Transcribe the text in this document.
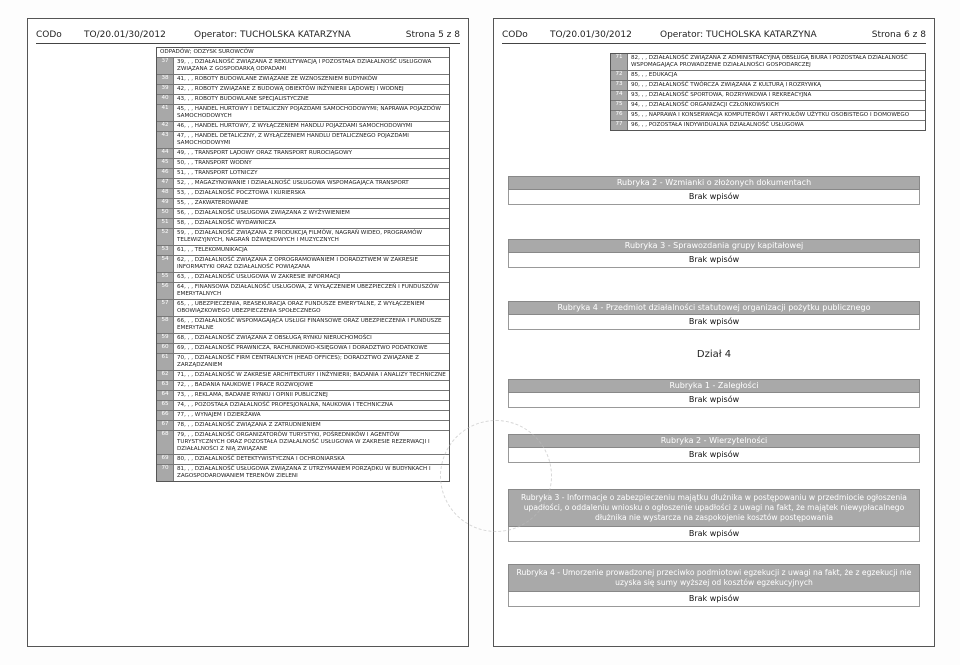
CODo	TO/20.01/30/2012	Operator: TUCHOLSKA KATARZYNA	Strona 5 z 8
ODPADÓW; ODZYSK SUROWCÓW
37	39, , , DZIAŁALNOŚĆ ZWIĄZANA Z REKULTYWACJĄ I POZOSTAŁA DZIAŁALNOŚĆ USŁUGOWA ZWIĄZANA Z GOSPODARKĄ ODPADAMI
38	41, , , ROBOTY BUDOWLANE ZWIĄZANE ZE WZNOSZENIEM BUDYNKÓW
39	42, , , ROBOTY ZWIĄZANE Z BUDOWĄ OBIEKTÓW INŻYNIERII LĄDOWEJ I WODNEJ
40	43, , , ROBOTY BUDOWLANE SPECJALISTYCZNE
41	45, , , HANDEL HURTOWY I DETALICZNY POJAZDAMI SAMOCHODOWYMI; NAPRAWA POJAZDÓW SAMOCHODOWYCH
42	46, , , HANDEL HURTOWY, Z WYŁĄCZENIEM HANDLU POJAZDAMI SAMOCHODOWYMI
43	47, , , HANDEL DETALICZNY, Z WYŁĄCZENIEM HANDLU DETALICZNEGO POJAZDAMI SAMOCHODOWYMI
44	49, , , TRANSPORT LĄDOWY ORAZ TRANSPORT RUROCIĄGOWY
45	50, , , TRANSPORT WODNY
46	51, , , TRANSPORT LOTNICZY
47	52, , , MAGAZYNOWANIE I DZIAŁALNOŚĆ USŁUGOWA WSPOMAGAJĄCA TRANSPORT
48	53, , , DZIAŁALNOŚĆ POCZTOWA I KURIERSKA
49	55, , , ZAKWATEROWANIE
50	56, , , DZIAŁALNOŚĆ USŁUGOWA ZWIĄZANA Z WYŻYWIENIEM
51	58, , , DZIAŁALNOŚĆ WYDAWNICZA
52	59, , , DZIAŁALNOŚĆ ZWIĄZANA Z PRODUKCJĄ FILMÓW, NAGRAŃ WIDEO, PROGRAMÓW TELEWIZYJNYCH, NAGRAŃ DŹWIĘKOWYCH I MUZYCZNYCH
53	61, , , TELEKOMUNIKACJA
54	62, , , DZIAŁALNOŚĆ ZWIĄZANA Z OPROGRAMOWANIEM I DORADZTWEM W ZAKRESIE INFORMATYKI ORAZ DZIAŁALNOŚĆ POWIĄZANA
55	63, , , DZIAŁALNOŚĆ USŁUGOWA W ZAKRESIE INFORMACJI
56	64, , , FINANSOWA DZIAŁALNOŚĆ USŁUGOWA, Z WYŁĄCZENIEM UBEZPIECZEŃ I FUNDUSZÓW EMERYTALNYCH
57	65, , , UBEZPIECZENIA, REASEKURACJA ORAZ FUNDUSZE EMERYTALNE, Z WYŁĄCZENIEM OBOWIĄZKOWEGO UBEZPIECZENIA SPOŁECZNEGO
58	66, , , DZIAŁALNOŚĆ WSPOMAGAJĄCA USŁUGI FINANSOWE ORAZ UBEZPIECZENIA I FUNDUSZE EMERYTALNE
59	68, , , DZIAŁALNOŚĆ ZWIĄZANA Z OBSŁUGĄ RYNKU NIERUCHOMOŚCI
60	69, , , DZIAŁALNOŚĆ PRAWNICZA, RACHUNKOWO-KSIĘGOWA I DORADZTWO PODATKOWE
61	70, , , DZIAŁALNOŚĆ FIRM CENTRALNYCH (HEAD OFFICES); DORADZTWO ZWIĄZANE Z ZARZĄDZANIEM
62	71, , , DZIAŁALNOŚĆ W ZAKRESIE ARCHITEKTURY I INŻYNIERII; BADANIA I ANALIZY TECHNICZNE
63	72, , , BADANIA NAUKOWE I PRACE ROZWOJOWE
64	73, , , REKLAMA, BADANIE RYNKU I OPINII PUBLICZNEJ
65	74, , , POZOSTAŁA DZIAŁALNOŚĆ PROFESJONALNA, NAUKOWA I TECHNICZNA
66	77, , , WYNAJEM I DZIERŻAWA
67	78, , , DZIAŁALNOŚĆ ZWIĄZANA Z ZATRUDNIENIEM
68	79, , , DZIAŁALNOŚĆ ORGANIZATORÓW TURYSTYKI, POŚREDNIKÓW I AGENTÓW TURYSTYCZNYCH ORAZ POZOSTAŁA DZIAŁALNOŚĆ USŁUGOWA W ZAKRESIE REZERWACJI I DZIAŁALNOŚCI Z NIĄ ZWIĄZANE
69	80, , , DZIAŁALNOŚĆ DETEKTYWISTYCZNA I OCHRONIARSKA
70	81, , , DZIAŁALNOŚĆ USŁUGOWA ZWIĄZANA Z UTRZYMANIEM PORZĄDKU W BUDYNKACH I ZAGOSPODAROWANIEM TERENÓW ZIELENI
CODo	TO/20.01/30/2012	Operator: TUCHOLSKA KATARZYNA	Strona 6 z 8
71	82, , , DZIAŁALNOŚĆ ZWIĄZANA Z ADMINISTRACYJNĄ OBSŁUGĄ BIURA I POZOSTAŁA DZIAŁALNOŚĆ WSPOMAGAJĄCA PROWADZENIE DZIAŁALNOŚCI GOSPODARCZEJ
72	85, , , EDUKACJA
73	90, , , DZIAŁALNOŚĆ TWÓRCZA ZWIĄZANA Z KULTURĄ I ROZRYWKĄ
74	93, , , DZIAŁALNOŚĆ SPORTOWA, ROZRYWKOWA I REKREACYJNA
75	94, , , DZIAŁALNOŚĆ ORGANIZACJI CZŁONKOWSKICH
76	95, , , NAPRAWA I KONSERWACJA KOMPUTERÓW I ARTYKUŁÓW UŻYTKU OSOBISTEGO I DOMOWEGO
77	96, , , POZOSTAŁA INDYWIDUALNA DZIAŁALNOŚĆ USŁUGOWA
Rubryka 2 - Wzmianki o złożonych dokumentach
Brak wpisów
Rubryka 3 - Sprawozdania grupy kapitałowej
Brak wpisów
Rubryka 4 - Przedmiot działalności statutowej organizacji pożytku publicznego
Brak wpisów
Dział 4
Rubryka 1 - Zaległości
Brak wpisów
Rubryka 2 - Wierzytelności
Brak wpisów
Rubryka 3 - Informacje o zabezpieczeniu majątku dłużnika w postępowaniu w przedmiocie ogłoszenia upadłości, o oddaleniu wniosku o ogłoszenie upadłości z uwagi na fakt, że majątek niewypłacalnego dłużnika nie wystarcza na zaspokojenie kosztów postępowania
Brak wpisów
Rubryka 4 - Umorzenie prowadzonej przeciwko podmiotowi egzekucji z uwagi na fakt, że z egzekucji nie uzyska się sumy wyższej od kosztów egzekucyjnych
Brak wpisów
